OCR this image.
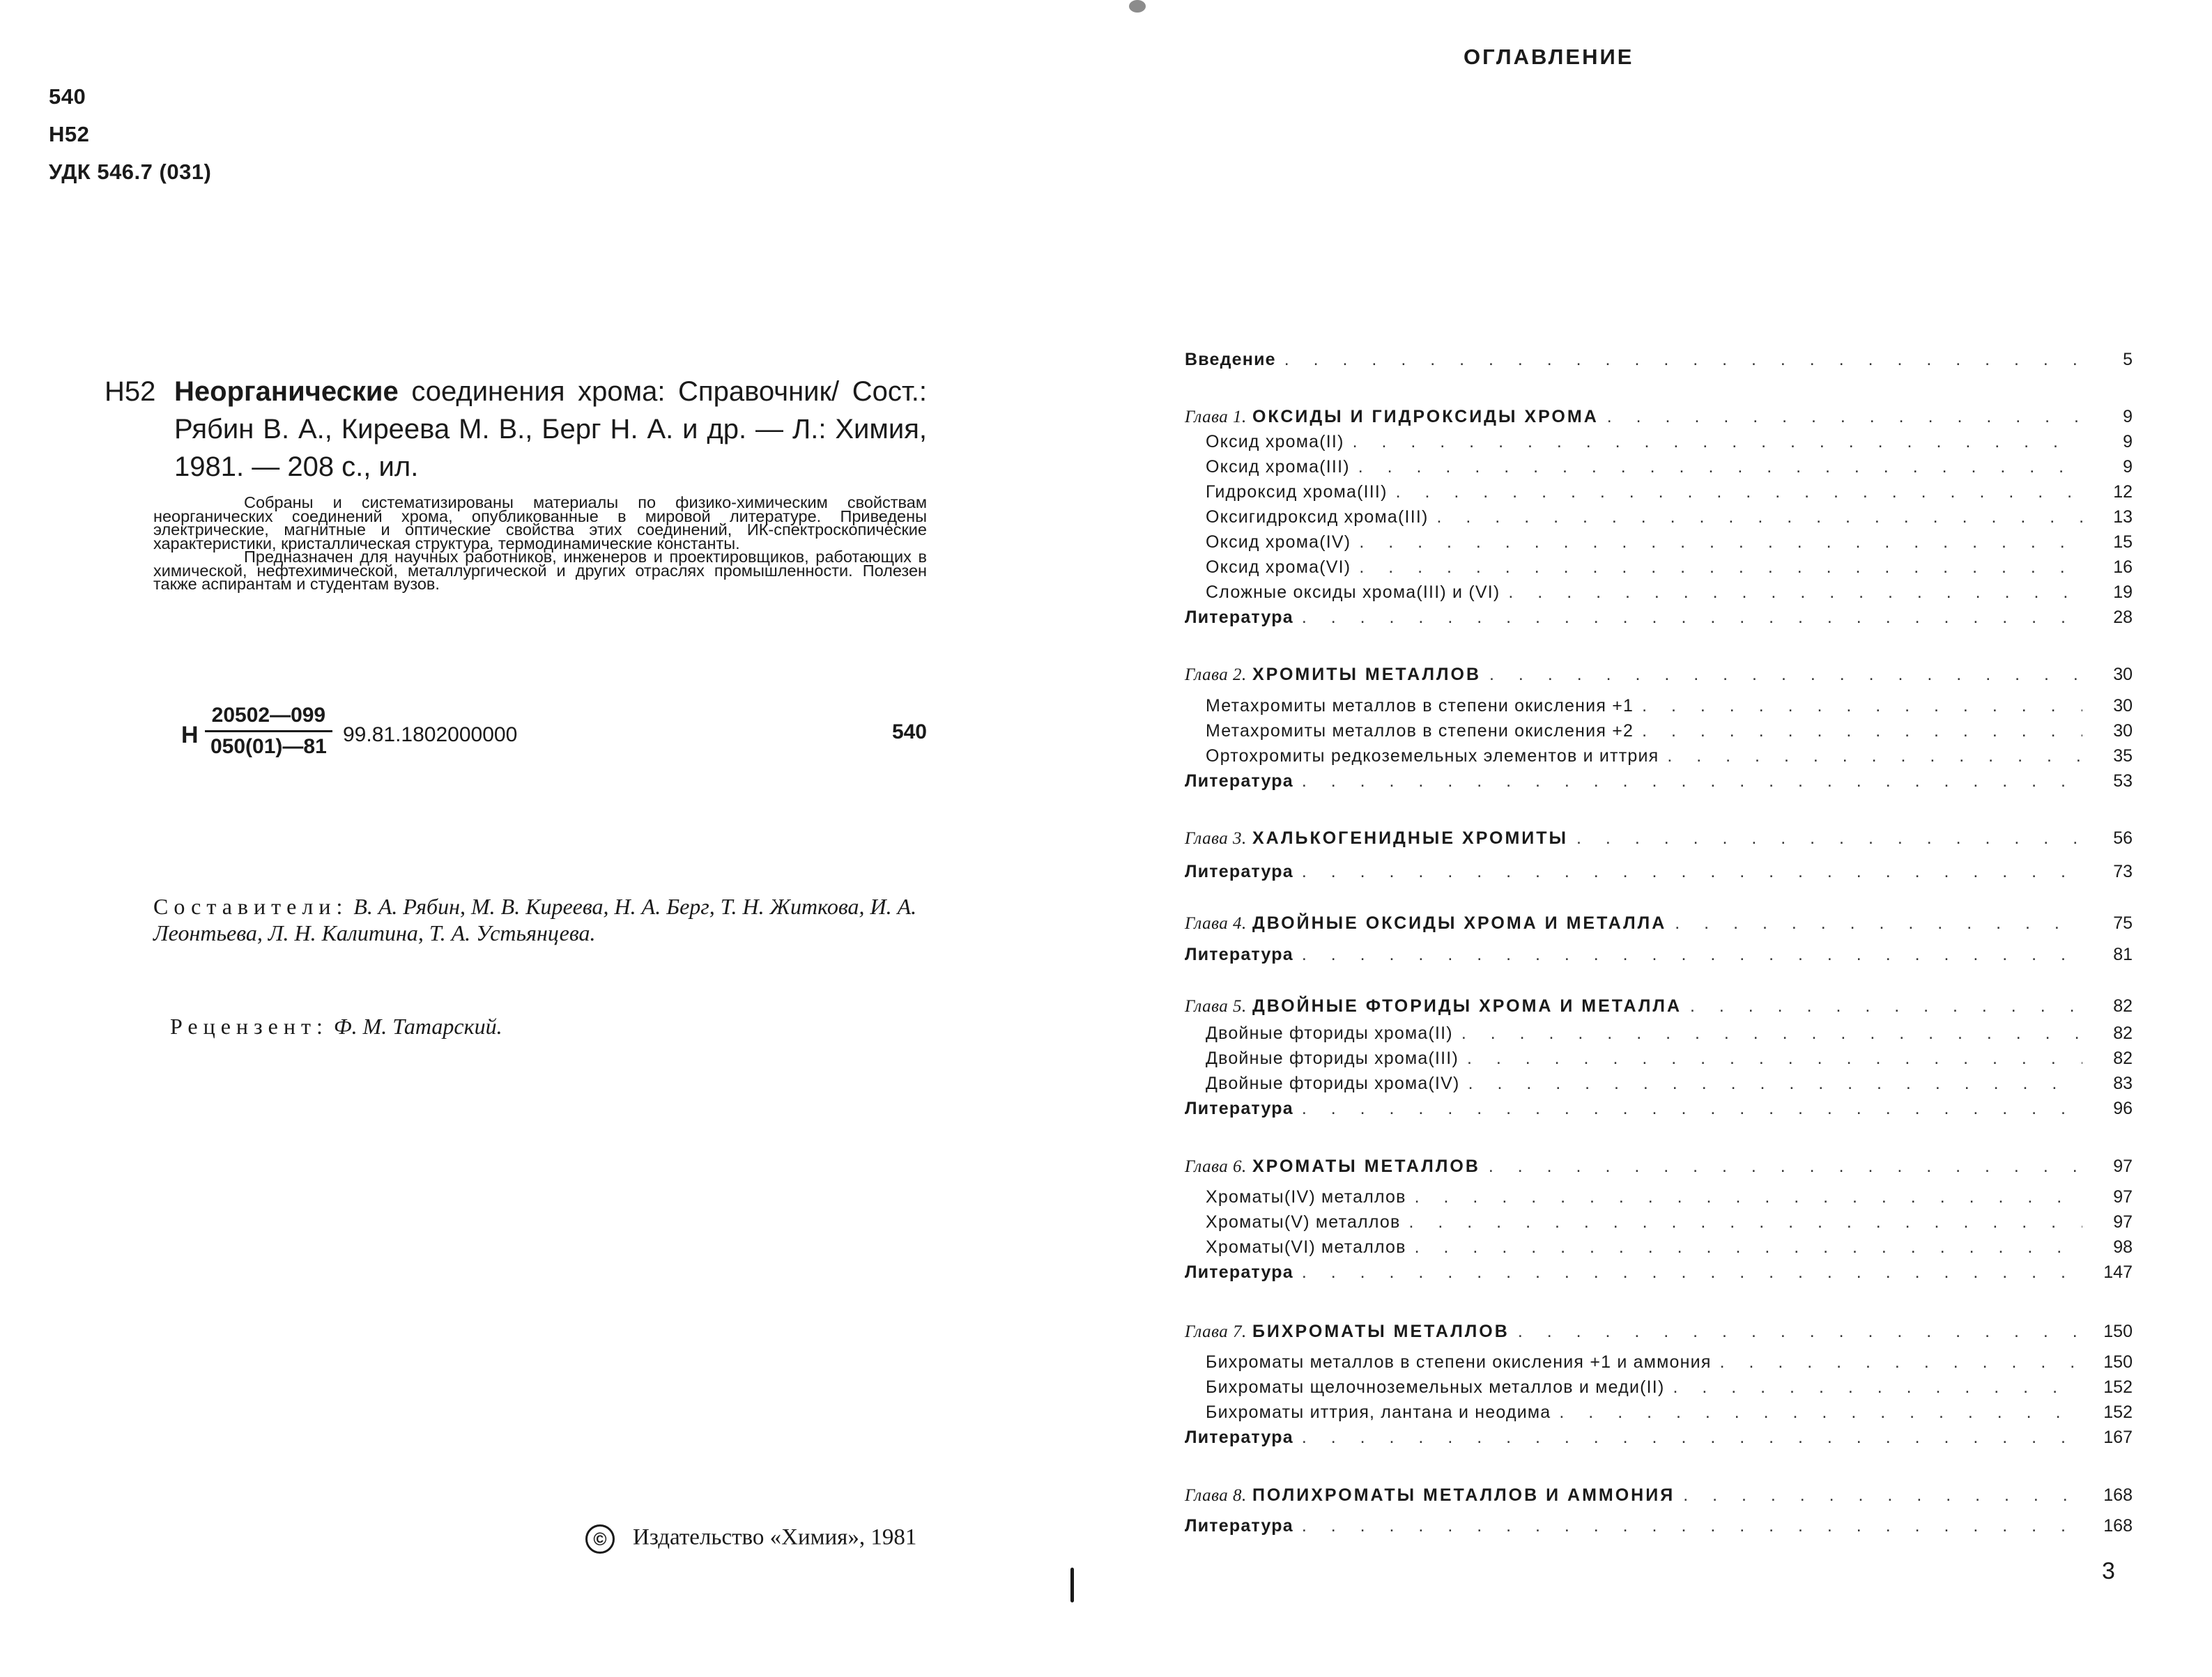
540
Н52
УДК 546.7 (031)
Н52 Неорганические соединения хрома: Справочник/ Сост.: Рябин В. А., Киреева М. В., Берг Н. А. и др. — Л.: Химия, 1981. — 208 с., ил.

Собраны и систематизированы материалы по физико-химическим свойствам неорганических соединений хрома, опубликованные в мировой литературе. Приведены электрические, магнитные и оптические свойства этих соединений, ИК-спектроскопические характеристики, кристаллическая структура, термодинамические константы.

Предназначен для научных работников, инженеров и проектировщиков, работающих в химической, нефтехимической, металлургической и других отраслях промышленности. Полезен также аспирантам и студентам вузов.

Н $\frac{20502—099}{050(01)—81} 99.81.1802000000$	540
Составители: В. А. Рябин, М. В. Киреева, Н. А. Берг, Т. Н. Житкова, И. А. Леонтьева, Л. Н. Калитина, Т. А. Устьянцева.
Рецензент: Ф. М. Татарский.
© Издательство «Химия», 1981
ОГЛАВЛЕНИЕ
Введение . . .	5
Глава 1. ОКСИДЫ И ГИДРОКСИДЫ ХРОМА . . .	9
Оксид хрома(II) . . .	9
Оксид хрома(III) . . .	9
Гидроксид хрома(III) . . .	12
Оксигидроксид хрома(III) . . .	13
Оксид хрома(IV) . . .	15
Оксид хрома(VI) . . .	16
Сложные оксиды хрома(III) и (VI) . . .	19
Литература . . .	28
Глава 2. ХРОМИТЫ МЕТАЛЛОВ . . .	30
Метахромиты металлов в степени окисления +1 . . .	30
Метахромиты металлов в степени окисления +2 . . .	30
Ортохромиты редкоземельных элементов и иттрия . . .	35
Литература . . .	53
Глава 3. ХАЛЬКОГЕНИДНЫЕ ХРОМИТЫ . . .	56
Литература . . .	73
Глава 4. ДВОЙНЫЕ ОКСИДЫ ХРОМА И МЕТАЛЛА . . .	75
Литература . . .	81
Глава 5. ДВОЙНЫЕ ФТОРИДЫ ХРОМА И МЕТАЛЛА . . .	82
Двойные фториды хрома(II) . . .	82
Двойные фториды хрома(III) . . .	82
Двойные фториды хрома(IV) . . .	83
Литература . . .	96
Глава 6. ХРОМАТЫ МЕТАЛЛОВ . . .	97
Хроматы(IV) металлов . . .	97
Хроматы(V) металлов . . .	97
Хроматы(VI) металлов . . .	98
Литература . . .	147
Глава 7. БИХРОМАТЫ МЕТАЛЛОВ . . .	150
Бихроматы металлов в степени окисления +1 и аммония . . .	150
Бихроматы щелочноземельных металлов и меди(II) . . .	152
Бихроматы иттрия, лантана и неодима . . .	152
Литература . . .	167
Глава 8. ПОЛИХРОМАТЫ МЕТАЛЛОВ И АММОНИЯ . . .	168
Литература . . .	168
3
